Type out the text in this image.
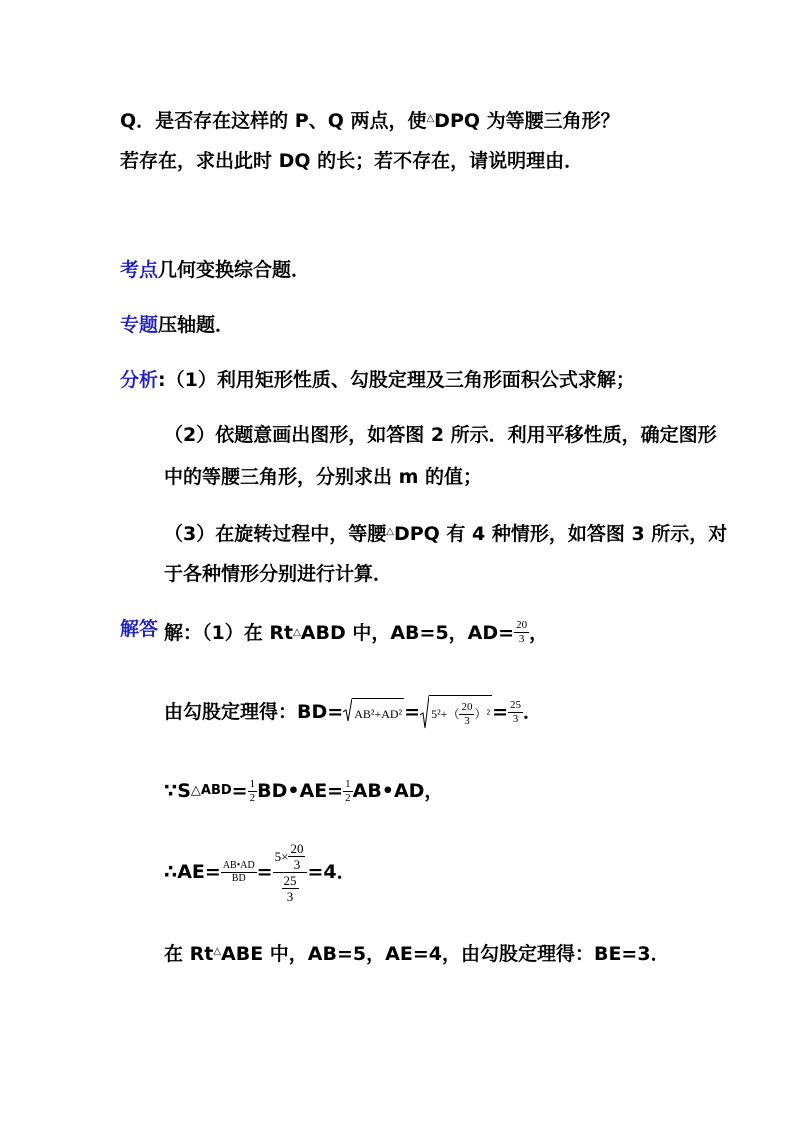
Q．是否存在这样的 P、Q 两点，使△DPQ 为等腰三角形？
若存在，求出此时 DQ 的长；若不存在，请说明理由．
考点几何变换综合题．
专题压轴题．
分析:（1）利用矩形性质、勾股定理及三角形面积公式求解；
（2）依题意画出图形，如答图 2 所示．利用平移性质，确定图形
中的等腰三角形，分别求出 m 的值；
（3）在旋转过程中，等腰△DPQ 有 4 种情形，如答图 3 所示，对
于各种情形分别进行计算．
解答 解：（1）在 Rt △ ABD 中，AB=5，$AD= \frac{20}{3}$ ，
由勾股定理得：$BD= AB^2+AD^2 = 5^2+( \frac{20}{3} )^2 = \frac{25}{3}$ ．
∵S △ABD = $\frac{1}{2}$ BD•AE= $\frac{1}{2}$ AB•AD，
∴AE= $\frac{AB•AD}{BD} = \frac{5\times \frac{20}{3}}{\frac{25}{3}} =4$．
在 Rt△ABE 中，AB=5，AE=4，由勾股定理得：BE=3．
